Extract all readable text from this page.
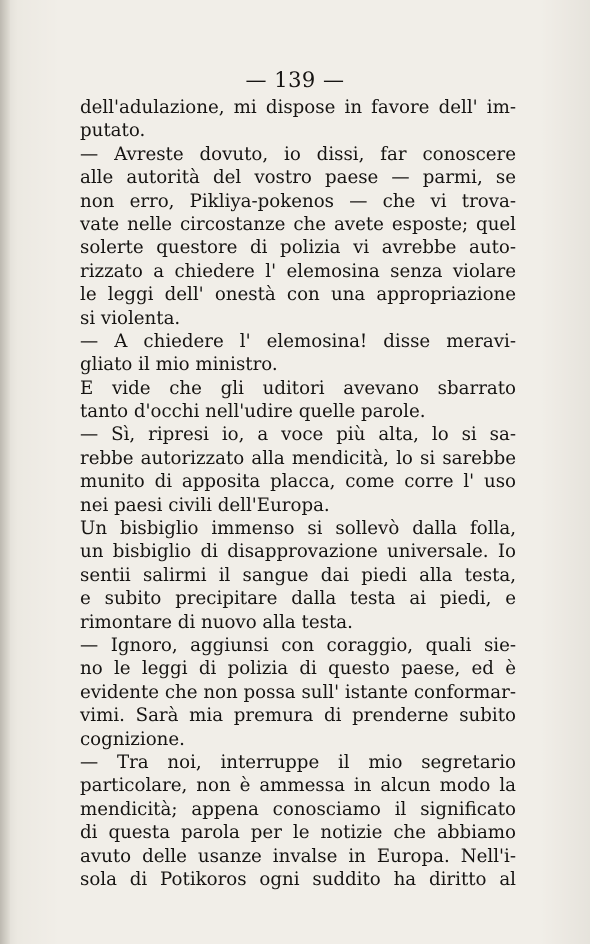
— 139 —
dell'adulazione, mi dispose in favore dell' im-
putato.
— Avreste dovuto, io dissi, far conoscere
alle autorità del vostro paese — parmi, se
non erro, Pikliya-pokenos — che vi trova-
vate nelle circostanze che avete esposte; quel
solerte questore di polizia vi avrebbe auto-
rizzato a chiedere l' elemosina senza violare
le leggi dell' onestà con una appropriazione
si violenta.
— A chiedere l' elemosina! disse meravi-
gliato il mio ministro.
E vide che gli uditori avevano sbarrato
tanto d'occhi nell'udire quelle parole.
— Sì, ripresi io, a voce più alta, lo si sa-
rebbe autorizzato alla mendicità, lo si sarebbe
munito di apposita placca, come corre l' uso
nei paesi civili dell'Europa.
Un bisbiglio immenso si sollevò dalla folla,
un bisbiglio di disapprovazione universale. Io
sentii salirmi il sangue dai piedi alla testa,
e subito precipitare dalla testa ai piedi, e
rimontare di nuovo alla testa.
— Ignoro, aggiunsi con coraggio, quali sie-
no le leggi di polizia di questo paese, ed è
evidente che non possa sull' istante conformar-
vimi. Sarà mia premura di prenderne subito
cognizione.
— Tra noi, interruppe il mio segretario
particolare, non è ammessa in alcun modo la
mendicità; appena conosciamo il significato
di questa parola per le notizie che abbiamo
avuto delle usanze invalse in Europa. Nell'i-
sola di Potikoros ogni suddito ha diritto al
